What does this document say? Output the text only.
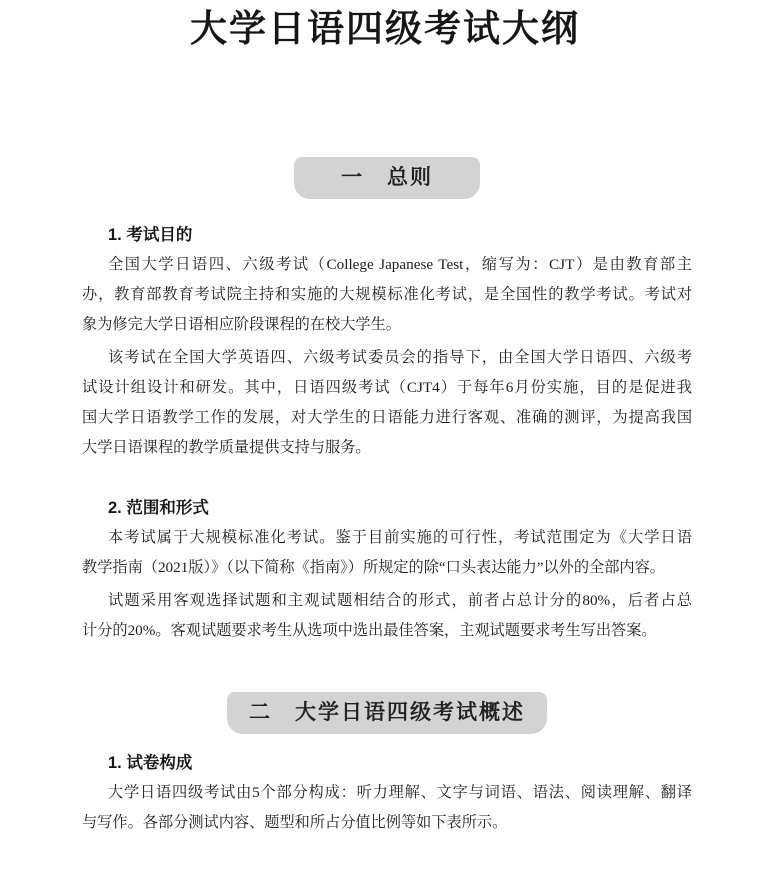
大学日语四级考试大纲
一　总则
1. 考试目的
全国大学日语四、六级考试（College Japanese Test，缩写为：CJT）是由教育部主
办，教育部教育考试院主持和实施的大规模标准化考试，是全国性的教学考试。考试对
象为修完大学日语相应阶段课程的在校大学生。
该考试在全国大学英语四、六级考试委员会的指导下，由全国大学日语四、六级考
试设计组设计和研发。其中，日语四级考试（CJT4）于每年6月份实施，目的是促进我
国大学日语教学工作的发展，对大学生的日语能力进行客观、准确的测评，为提高我国
大学日语课程的教学质量提供支持与服务。
2. 范围和形式
本考试属于大规模标准化考试。鉴于目前实施的可行性，考试范围定为《大学日语
教学指南（2021版）》（以下简称《指南》）所规定的除“口头表达能力”以外的全部内容。
试题采用客观选择试题和主观试题相结合的形式，前者占总计分的80%，后者占总
计分的20%。客观试题要求考生从选项中选出最佳答案，主观试题要求考生写出答案。
二　大学日语四级考试概述
1. 试卷构成
大学日语四级考试由5个部分构成：听力理解、文字与词语、语法、阅读理解、翻译
与写作。各部分测试内容、题型和所占分值比例等如下表所示。
